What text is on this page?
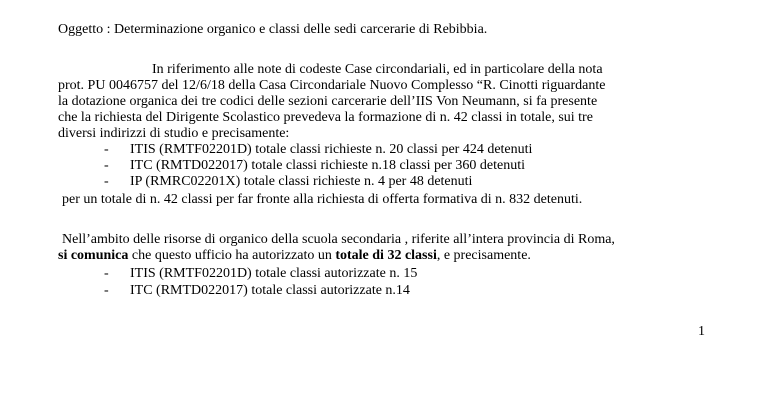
Oggetto : Determinazione organico e classi delle sedi carcerarie di Rebibbia.
In riferimento alle note di codeste Case circondariali, ed in particolare della nota
prot. PU 0046757 del 12/6/18 della Casa Circondariale Nuovo Complesso “R. Cinotti riguardante
la dotazione organica dei tre codici delle sezioni carcerarie dell’IIS Von Neumann, si fa presente
che la richiesta del Dirigente Scolastico prevedeva la formazione di n. 42 classi in totale, sui tre
diversi indirizzi di studio e precisamente:
- ITIS (RMTF02201D) totale classi richieste n. 20 classi per 424 detenuti
- ITC (RMTD022017) totale classi richieste n.18 classi per 360 detenuti
- IP (RMRC02201X) totale classi richieste n. 4 per 48 detenuti
per un totale di n. 42 classi per far fronte alla richiesta di offerta formativa di n. 832 detenuti.
Nell’ambito delle risorse di organico della scuola secondaria , riferite all’intera provincia di Roma,
si comunica che questo ufficio ha autorizzato un totale di 32 classi, e precisamente.
- ITIS (RMTF02201D) totale classi autorizzate n. 15
- ITC (RMTD022017) totale classi autorizzate n.14
1
